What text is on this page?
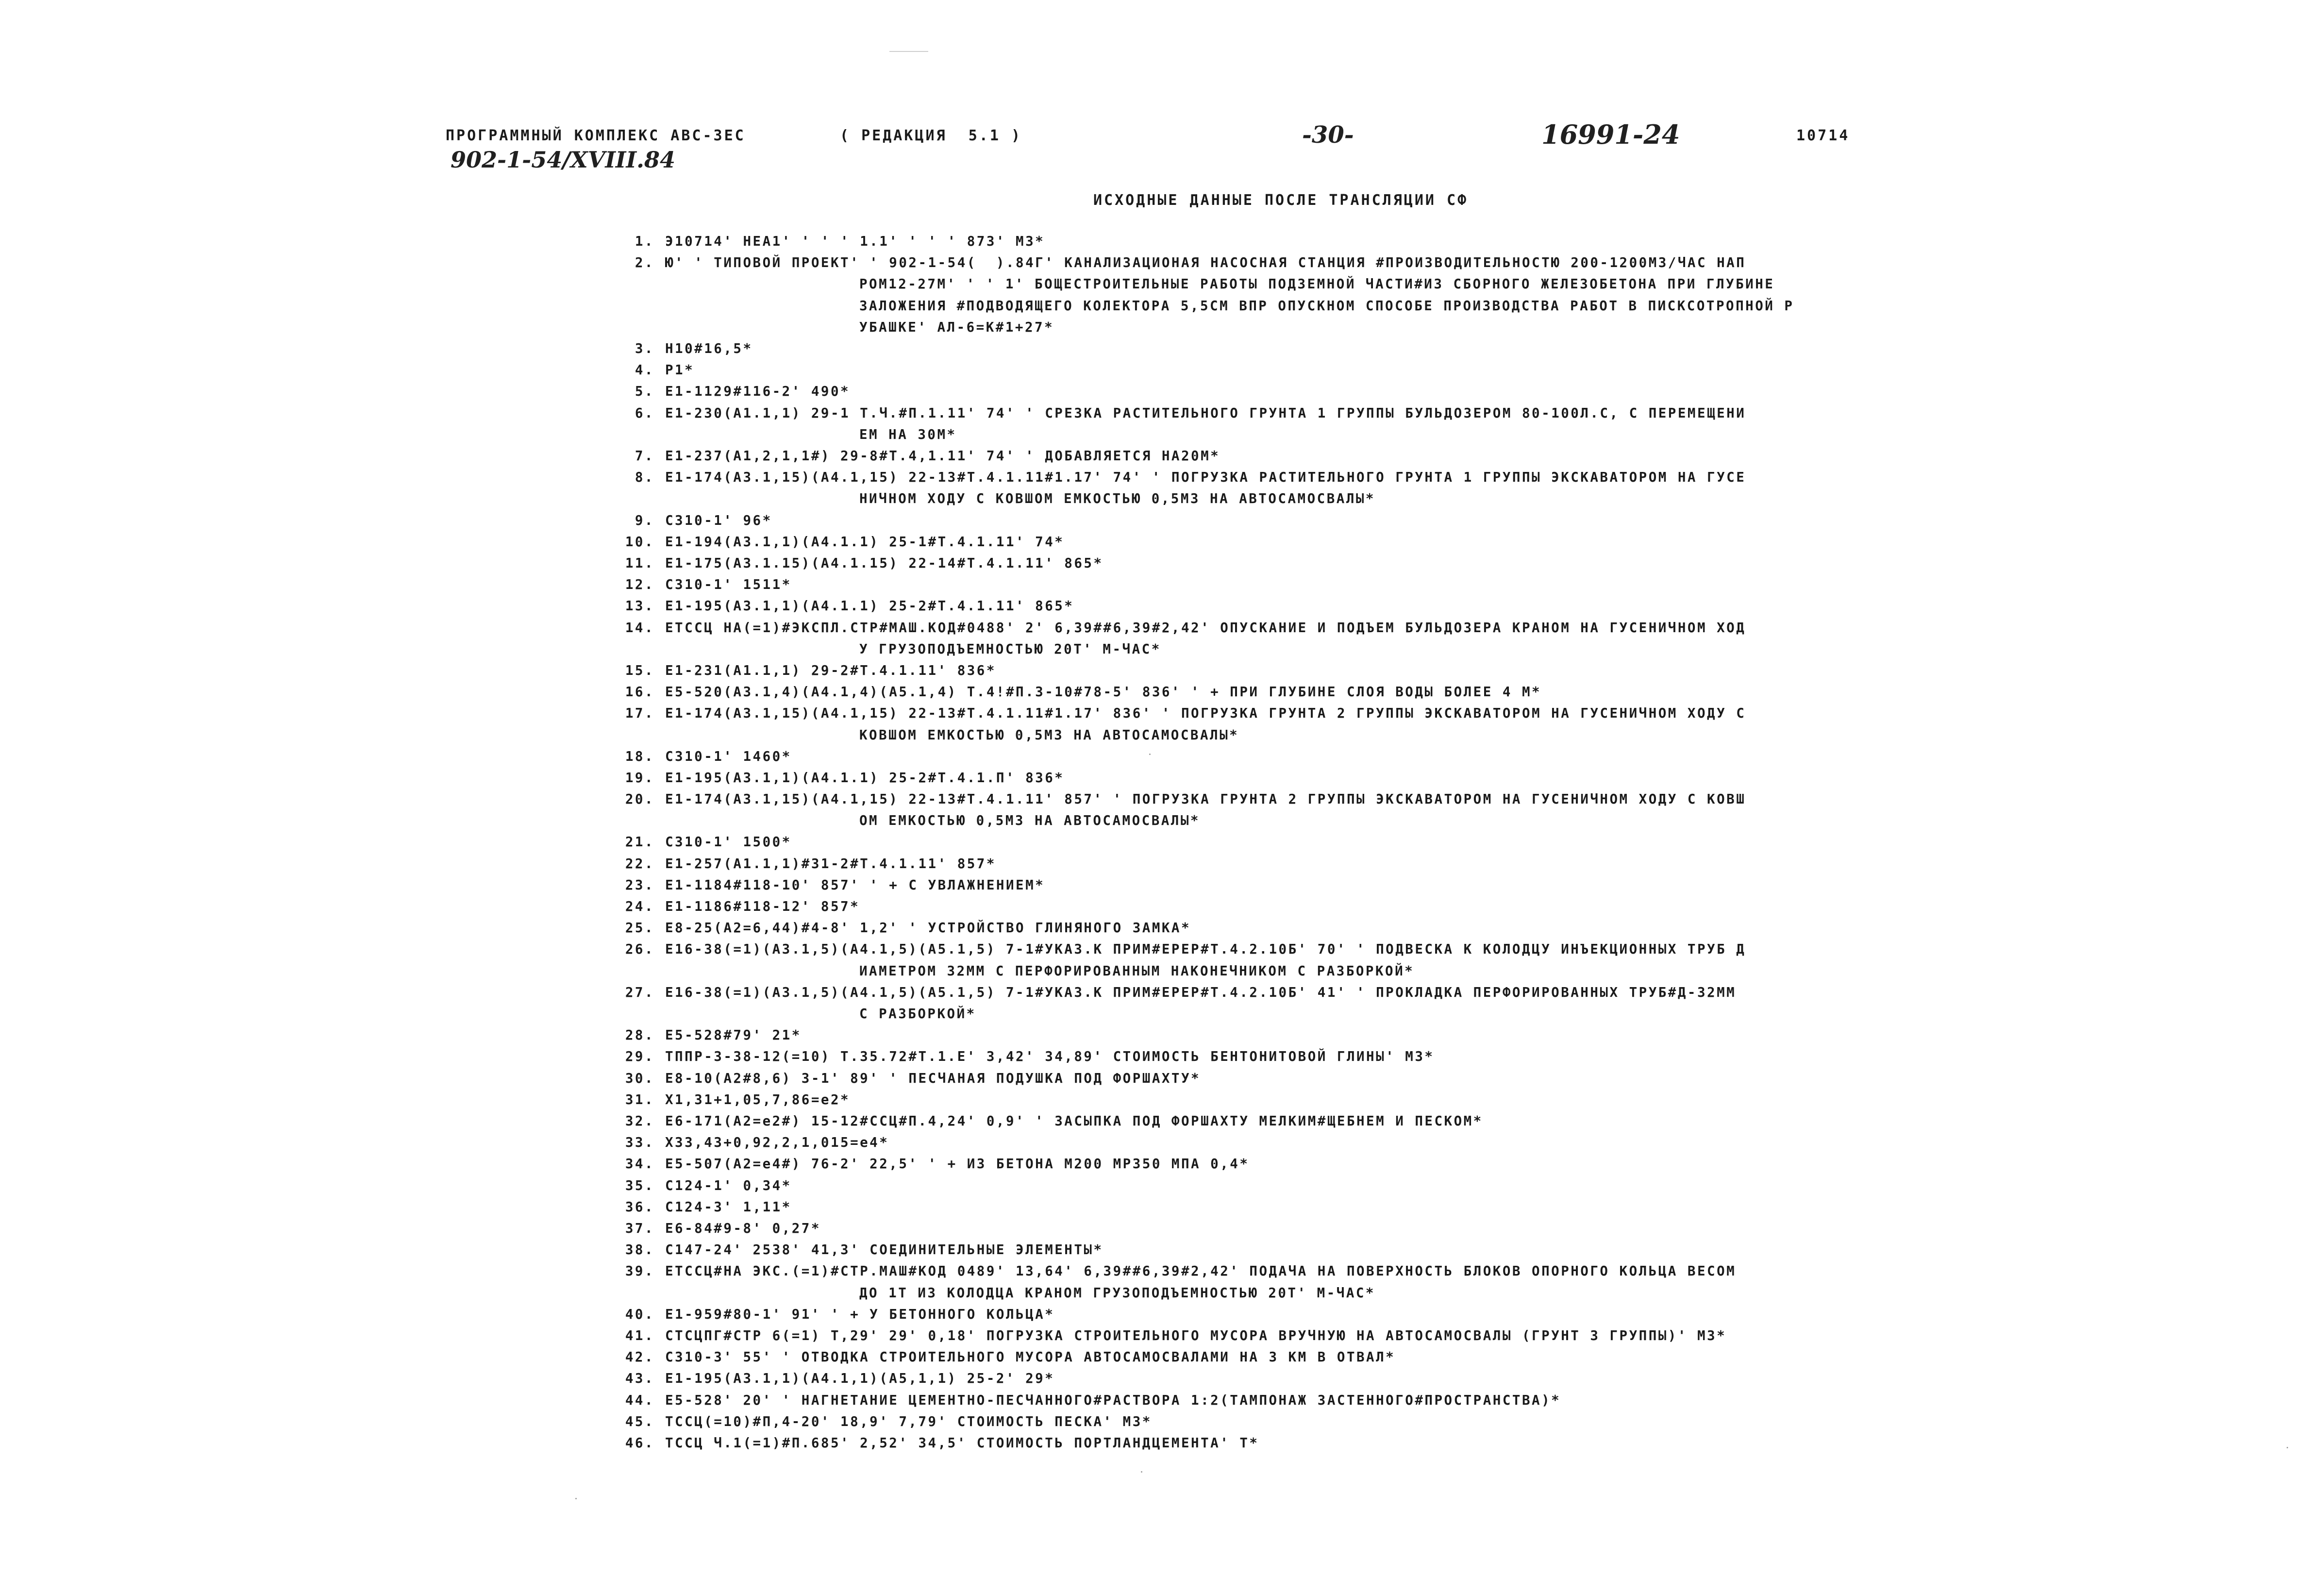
ПРОГРАММНЫЙ КОМПЛЕКС АВС-ЗЕС	( РЕДАКЦИЯ  5.1 )	-30-	16991-24	10714
902-1-54/XVIII.84
ИСХОДНЫЕ ДАННЫЕ ПОСЛЕ ТРАНСЛЯЦИИ СФ
1. Э10714' НЕА1' ' ' ' 1.1' ' ' ' 873' МЗ*
2. Ю' ' ТИПОВОЙ ПРОЕКТ' ' 902-1-54(  ).84Г' КАНАЛИЗАЦИОНАЯ НАСОСНАЯ СТАНЦИЯ #ПРОИЗВОДИТЕЛЬНОСТЮ 200-1200МЗ/ЧАС НАП
РОМ12-27М' ' ' 1' БОЩЕСТРОИТЕЛЬНЫЕ РАБОТЫ ПОДЗЕМНОЙ ЧАСТИ#ИЗ СБОРНОГО ЖЕЛЕЗОБЕТОНА ПРИ ГЛУБИНЕ
ЗАЛОЖЕНИЯ #ПОДВОДЯЩЕГО КОЛЕКТОРА 5,5СМ ВПР ОПУСКНОМ СПОСОБЕ ПРОИЗВОДСТВА РАБОТ В ПИСКСОТРОПНОЙ Р
УБАШКЕ' АЛ-6=К#1+27*
3. Н10#16,5*
4. Р1*
5. Е1-1129#116-2' 490*
6. Е1-230(А1.1,1) 29-1 Т.Ч.#П.1.11' 74' ' СРЕЗКА РАСТИТЕЛЬНОГО ГРУНТА 1 ГРУППЫ БУЛЬДОЗЕРОМ 80-100Л.С, С ПЕРЕМЕЩЕНИ
ЕМ НА 30М*
7. Е1-237(А1,2,1,1#) 29-8#Т.4,1.11' 74' ' ДОБАВЛЯЕТСЯ НА20М*
8. Е1-174(А3.1,15)(А4.1,15) 22-13#Т.4.1.11#1.17' 74' ' ПОГРУЗКА РАСТИТЕЛЬНОГО ГРУНТА 1 ГРУППЫ ЭКСКАВАТОРОМ НА ГУСЕ
НИЧНОМ ХОДУ С КОВШОМ ЕМКОСТЬЮ 0,5МЗ НА АВТОСАМОСВАЛЫ*
9. С310-1' 96*
10. Е1-194(А3.1,1)(А4.1.1) 25-1#Т.4.1.11' 74*
11. Е1-175(А3.1.15)(А4.1.15) 22-14#Т.4.1.11' 865*
12. С310-1' 1511*
13. Е1-195(А3.1,1)(А4.1.1) 25-2#Т.4.1.11' 865*
14. ЕТССЦ НА(=1)#ЭКСПЛ.СТР#МАШ.КОД#0488' 2' 6,39##6,39#2,42' ОПУСКАНИЕ И ПОДЪЕМ БУЛЬДОЗЕРА КРАНОМ НА ГУСЕНИЧНОМ ХОД
У ГРУЗОПОДЪЕМНОСТЬЮ 20Т' М-ЧАС*
15. Е1-231(А1.1,1) 29-2#Т.4.1.11' 836*
16. Е5-520(А3.1,4)(А4.1,4)(А5.1,4) Т.4!#П.3-10#78-5' 836' ' + ПРИ ГЛУБИНЕ СЛОЯ ВОДЫ БОЛЕЕ 4 М*
17. Е1-174(А3.1,15)(А4.1,15) 22-13#Т.4.1.11#1.17' 836' ' ПОГРУЗКА ГРУНТА 2 ГРУППЫ ЭКСКАВАТОРОМ НА ГУСЕНИЧНОМ ХОДУ С
КОВШОМ ЕМКОСТЬЮ 0,5МЗ НА АВТОСАМОСВАЛЫ*
18. С310-1' 1460*
19. Е1-195(А3.1,1)(А4.1.1) 25-2#Т.4.1.П' 836*
20. Е1-174(А3.1,15)(А4.1,15) 22-13#Т.4.1.11' 857' ' ПОГРУЗКА ГРУНТА 2 ГРУППЫ ЭКСКАВАТОРОМ НА ГУСЕНИЧНОМ ХОДУ С КОВШ
ОМ ЕМКОСТЬЮ 0,5МЗ НА АВТОСАМОСВАЛЫ*
21. С310-1' 1500*
22. Е1-257(А1.1,1)#31-2#Т.4.1.11' 857*
23. Е1-1184#118-10' 857' ' + С УВЛАЖНЕНИЕМ*
24. Е1-1186#118-12' 857*
25. Е8-25(А2=6,44)#4-8' 1,2' ' УСТРОЙСТВО ГЛИНЯНОГО ЗАМКА*
26. Е16-38(=1)(А3.1,5)(А4.1,5)(А5.1,5) 7-1#УКАЗ.К ПРИМ#ЕРЕР#Т.4.2.10Б' 70' ' ПОДВЕСКА К КОЛОДЦУ ИНЪЕКЦИОННЫХ ТРУБ Д
ИАМЕТРОМ 32ММ С ПЕРФОРИРОВАННЫМ НАКОНЕЧНИКОМ С РАЗБОРКОЙ*
27. Е16-38(=1)(А3.1,5)(А4.1,5)(А5.1,5) 7-1#УКАЗ.К ПРИМ#ЕРЕР#Т.4.2.10Б' 41' ' ПРОКЛАДКА ПЕРФОРИРОВАННЫХ ТРУБ#Д-32ММ
С РАЗБОРКОЙ*
28. Е5-528#79' 21*
29. ТППР-3-38-12(=10) Т.35.72#Т.1.Е' 3,42' 34,89' СТОИМОСТЬ БЕНТОНИТОВОЙ ГЛИНЫ' МЗ*
30. Е8-10(А2#8,6) 3-1' 89' ' ПЕСЧАНАЯ ПОДУШКА ПОД ФОРШАХТУ*
31. Х1,31+1,05,7,86=е2*
32. Е6-171(А2=е2#) 15-12#ССЦ#П.4,24' 0,9' ' ЗАСЫПКА ПОД ФОРШАХТУ МЕЛКИМ#ЩЕБНЕМ И ПЕСКОМ*
33. Х33,43+0,92,2,1,015=е4*
34. Е5-507(А2=е4#) 76-2' 22,5' ' + ИЗ БЕТОНА М200 МРЗ50 МПА 0,4*
35. С124-1' 0,34*
36. С124-3' 1,11*
37. Е6-84#9-8' 0,27*
38. С147-24' 2538' 41,3' СОЕДИНИТЕЛЬНЫЕ ЭЛЕМЕНТЫ*
39. ЕТССЦ#НА ЭКС.(=1)#СТР.МАШ#КОД 0489' 13,64' 6,39##6,39#2,42' ПОДАЧА НА ПОВЕРХНОСТЬ БЛОКОВ ОПОРНОГО КОЛЬЦА ВЕСОМ
ДО 1Т ИЗ КОЛОДЦА КРАНОМ ГРУЗОПОДЪЕМНОСТЬЮ 20Т' М-ЧАС*
40. Е1-959#80-1' 91' ' + У БЕТОННОГО КОЛЬЦА*
41. СТСЦПГ#СТР 6(=1) Т,29' 29' 0,18' ПОГРУЗКА СТРОИТЕЛЬНОГО МУСОРА ВРУЧНУЮ НА АВТОСАМОСВАЛЫ (ГРУНТ 3 ГРУППЫ)' МЗ*
42. С310-3' 55' ' ОТВОДКА СТРОИТЕЛЬНОГО МУСОРА АВТОСАМОСВАЛАМИ НА 3 КМ В ОТВАЛ*
43. Е1-195(А3.1,1)(А4.1,1)(А5,1,1) 25-2' 29*
44. Е5-528' 20' ' НАГНЕТАНИЕ ЦЕМЕНТНО-ПЕСЧАННОГО#РАСТВОРА 1:2(ТАМПОНАЖ ЗАСТЕННОГО#ПРОСТРАНСТВА)*
45. ТССЦ(=10)#П,4-20' 18,9' 7,79' СТОИМОСТЬ ПЕСКА' МЗ*
46. ТССЦ Ч.1(=1)#П.685' 2,52' 34,5' СТОИМОСТЬ ПОРТЛАНДЦЕМЕНТА' Т*
